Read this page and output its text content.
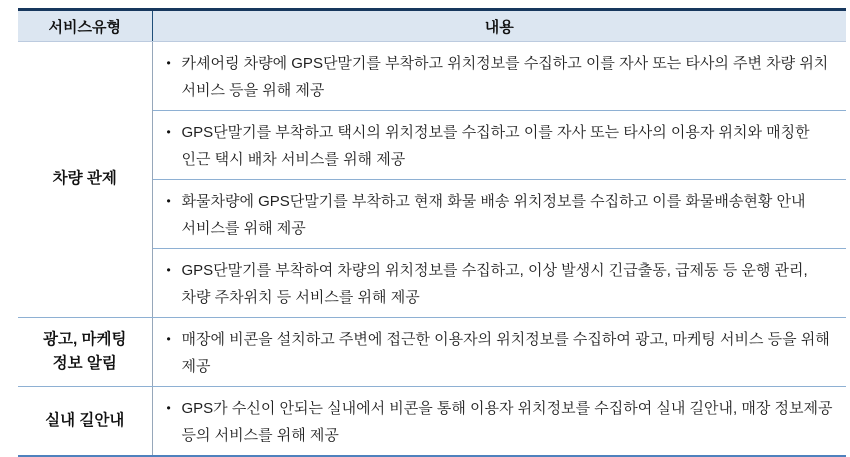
서비스유형	내용
차량 관제	• 카셰어링 차량에 GPS단말기를 부착하고 위치정보를 수집하고 이를 자사 또는 타사의 주변 차량 위치 서비스 등을 위해 제공

	• GPS단말기를 부착하고 택시의 위치정보를 수집하고 이를 자사 또는 타사의 이용자 위치와 매칭한 인근 택시 배차 서비스를 위해 제공

	• 화물차량에 GPS단말기를 부착하고 현재 화물 배송 위치정보를 수집하고 이를 화물배송현황 안내 서비스를 위해 제공

	• GPS단말기를 부착하여 차량의 위치정보를 수집하고, 이상 발생시 긴급출동, 급제동 등 운행 관리, 차량 주차위치 등 서비스를 위해 제공

광고, 마케팅 정보 알림	• 매장에 비콘을 설치하고 주변에 접근한 이용자의 위치정보를 수집하여 광고, 마케팅 서비스 등을 위해 제공

실내 길안내	• GPS가 수신이 안되는 실내에서 비콘을 통해 이용자 위치정보를 수집하여 실내 길안내, 매장 정보제공 등의 서비스를 위해 제공
